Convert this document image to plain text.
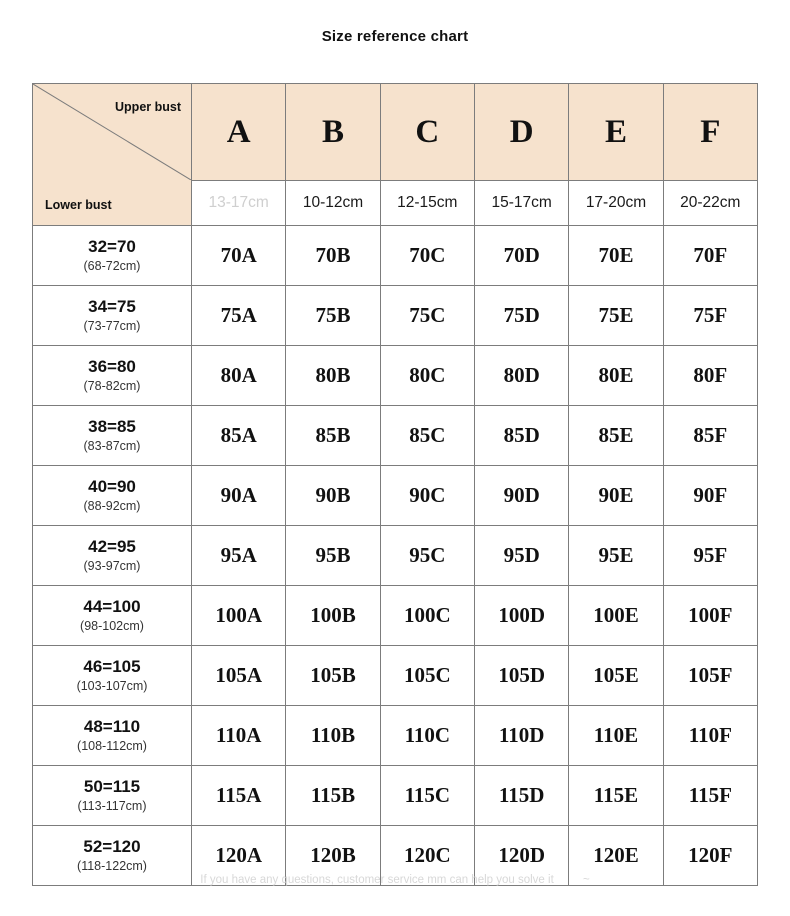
Size reference chart
Upper bust
Lower bust	A	B	C	D	E	F
	13-17cm	10-12cm	12-15cm	15-17cm	17-20cm	20-22cm

32=70
(68-72cm)	70A	70B	70C	70D	70E	70F

34=75
(73-77cm)	75A	75B	75C	75D	75E	75F

36=80
(78-82cm)	80A	80B	80C	80D	80E	80F

38=85
(83-87cm)	85A	85B	85C	85D	85E	85F

40=90
(88-92cm)	90A	90B	90C	90D	90E	90F

42=95
(93-97cm)	95A	95B	95C	95D	95E	95F

44=100
(98-102cm)	100A	100B	100C	100D	100E	100F

46=105
(103-107cm)	105A	105B	105C	105D	105E	105F

48=110
(108-112cm)	110A	110B	110C	110D	110E	110F

50=115
(113-117cm)	115A	115B	115C	115D	115E	115F

52=120
(118-122cm)	120A	120B	120C	120D	120E	120F
If you have any questions, customer service mm can help you solve it	~
